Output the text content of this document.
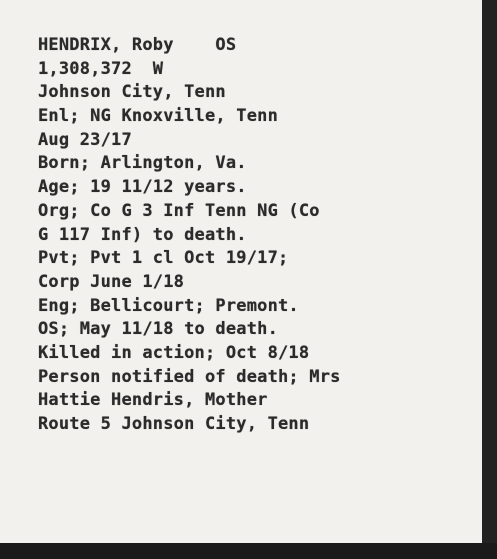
HENDRIX, Roby    OS
1,308,372  W
Johnson City, Tenn
Enl; NG Knoxville, Tenn
Aug 23/17
Born; Arlington, Va.
Age; 19 11/12 years.
Org; Co G 3 Inf Tenn NG (Co
G 117 Inf) to death.
Pvt; Pvt 1 cl Oct 19/17;
Corp June 1/18
Eng; Bellicourt; Premont.
OS; May 11/18 to death.
Killed in action; Oct 8/18
Person notified of death; Mrs
Hattie Hendris, Mother
Route 5 Johnson City, Tenn
